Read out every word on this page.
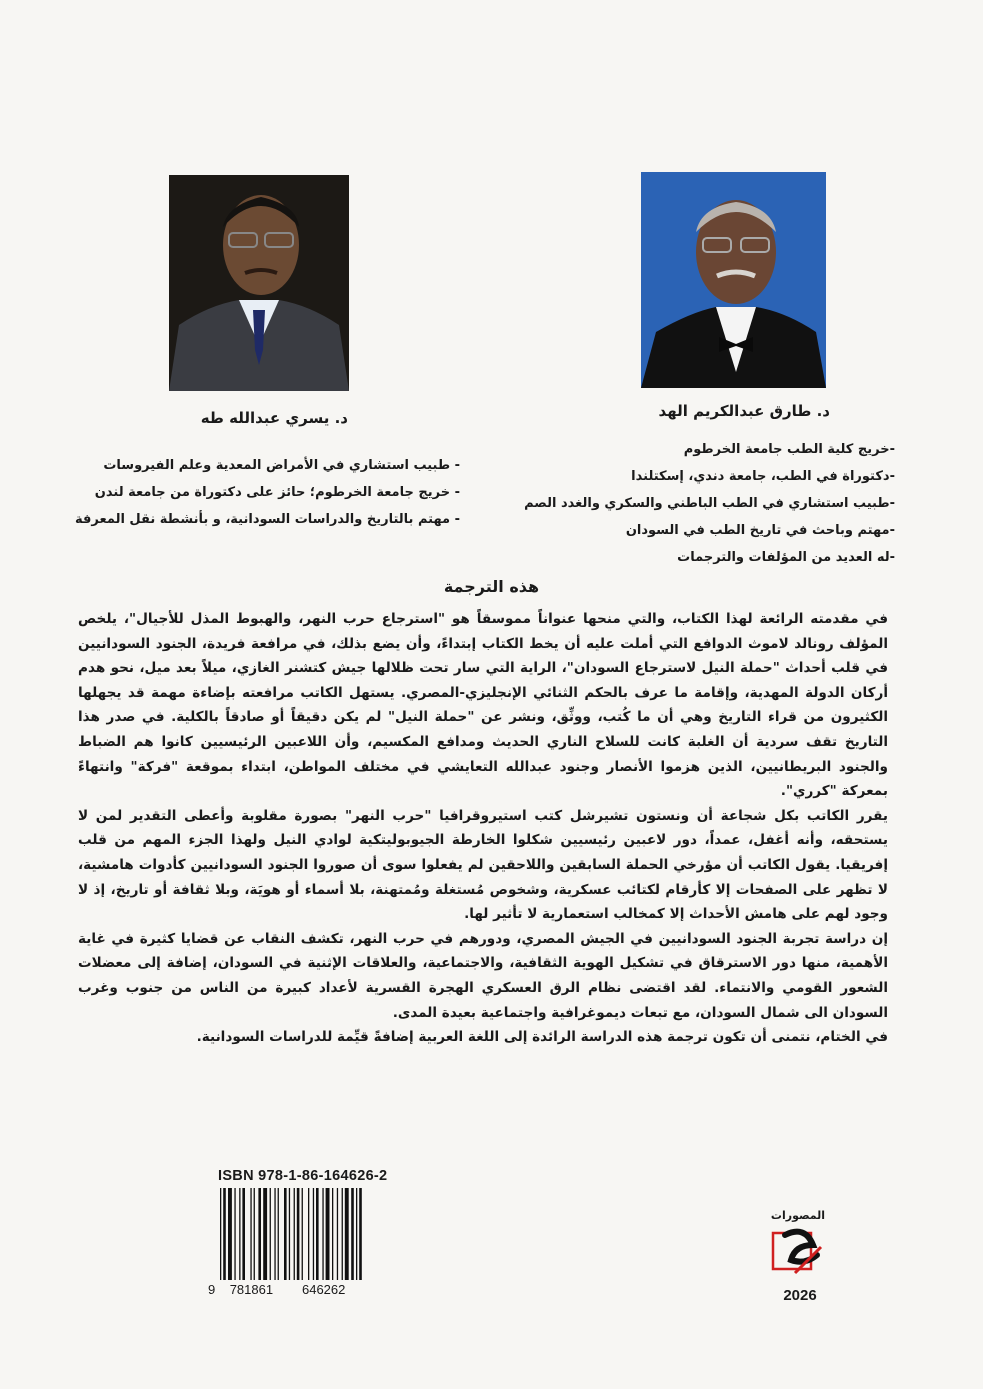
د. يسري عبدالله طه	د. طارق عبدالكريم الهد
- طبيب استشاري في الأمراض المعدية وعلم الفيروسات
- خريج جامعة الخرطوم؛ حائز على دكتوراة من جامعة لندن
- مهتم بالتاريخ والدراسات السودانية، و بأنشطة نقل المعرفة
-خريج كلية الطب جامعة الخرطوم
-دكتوراة في الطب، جامعة دندي، إسكتلندا
-طبيب استشاري في الطب الباطني والسكري والغدد الصم
-مهتم وباحث في تاريخ الطب في السودان
-له العديد من المؤلفات والترجمات
هذه الترجمة

في مقدمته الرائعة لهذا الكتاب، والتي منحها عنواناً مموسقاً هو "استرجاع حرب النهر، والهبوط المذل للأجيال"، يلخص المؤلف رونالد لاموث الدوافع التي أملت عليه أن يخط الكتاب إبتداءً، وأن يضع بذلك، في مرافعة فريدة، الجنود السودانيين في قلب أحداث "حملة النيل لاسترجاع السودان"، الراية التي سار تحت ظلالها جيش كتشنر الغازي، ميلاً بعد ميل، نحو هدم أركان الدولة المهدية، وإقامة ما عرف بالحكم الثنائي الإنجليزي-المصري. يستهل الكاتب مرافعته بإضاءة مهمة قد يجهلها الكثيرون من قراء التاريخ وهي أن ما كُتب، ووثِّق، ونشر عن "حملة النيل" لم يكن دقيقاً أو صادقاً بالكلية. في صدر هذا التاريخ تقف سردية أن الغلبة كانت للسلاح الناري الحديث ومدافع المكسيم، وأن اللاعبين الرئيسيين كانوا هم الضباط والجنود البريطانيين، الذين هزموا الأنصار وجنود عبدالله التعايشي في مختلف المواطن، ابتداء بموقعة "فركة" وانتهاءً بمعركة "كرري".

يقرر الكاتب بكل شجاعة أن ونستون تشيرشل كتب استيروقرافيا "حرب النهر" بصورة مقلوبة وأعطى التقدير لمن لا يستحقه، وأنه أغفل، عمداً، دور لاعبين رئيسيين شكلوا الخارطة الجيوبوليتكية لوادي النيل ولهذا الجزء المهم من قلب إفريقيا. يقول الكاتب أن مؤرخي الحملة السابقين واللاحقين لم يفعلوا سوى أن صوروا الجنود السودانيين كأدوات هامشية، لا تظهر على الصفحات إلا كأرقام لكتائب عسكرية، وشخوص مُستغلة ومُمتهنة، بلا أسماء أو هويَة، وبلا ثقافة أو تاريخ، إذ لا وجود لهم على هامش الأحداث إلا كمخالب استعمارية لا تأثير لها.

إن دراسة تجربة الجنود السودانيين في الجيش المصري، ودورهم في حرب النهر، تكشف النقاب عن قضايا كثيرة في غاية الأهمية، منها دور الاسترقاق في تشكيل الهوية الثقافية، والاجتماعية، والعلاقات الإثنية في السودان، إضافة إلى معضلات الشعور القومي والانتماء. لقد اقتضى نظام الرق العسكري الهجرة القسرية لأعداد كبيرة من الناس من جنوب وغرب السودان الى شمال السودان، مع تبعات ديموغرافية واجتماعية بعيدة المدى.

في الختام، نتمنى أن تكون ترجمة هذه الدراسة الرائدة إلى اللغة العربية إضافةً قيِّمة للدراسات السودانية.

ISBN 978-1-86-164626-2
9 781861 646262
المصورات
2026
